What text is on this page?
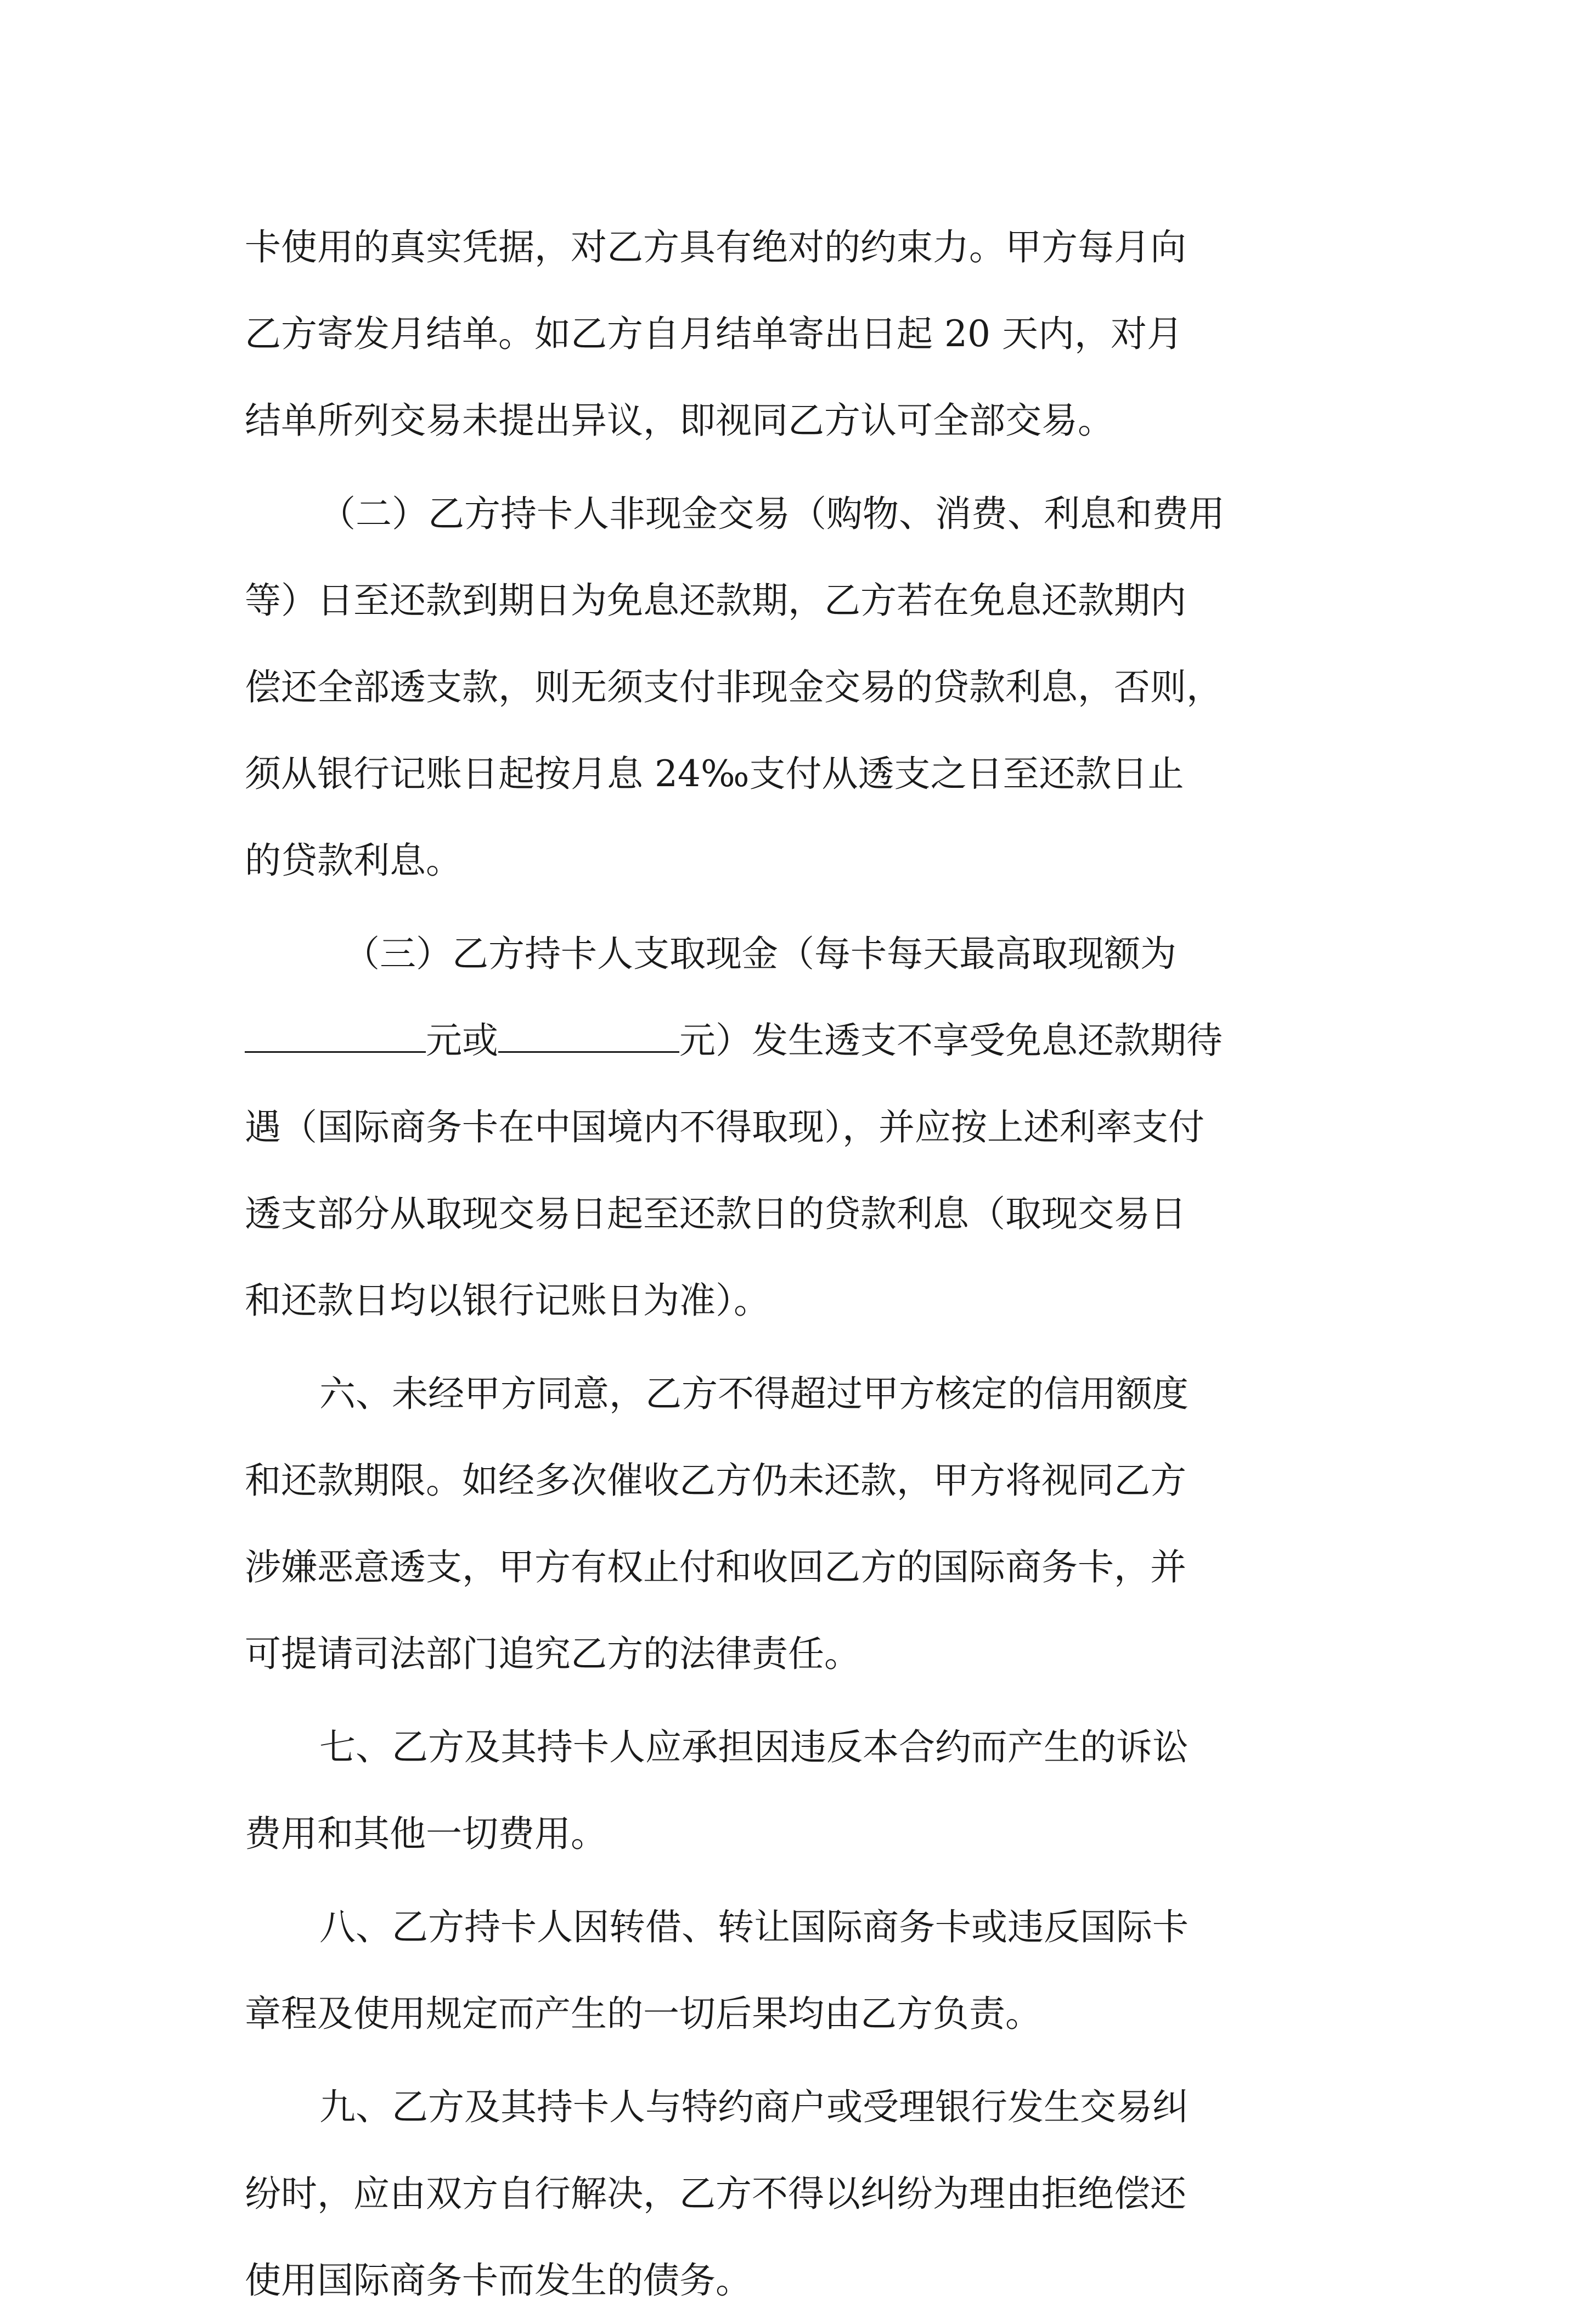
卡使用的真实凭据，对乙方具有绝对的约束力。甲方每月向
乙方寄发月结单。如乙方自月结单寄出日起 20 天内，对月
结单所列交易未提出异议，即视同乙方认可全部交易。
（二）乙方持卡人非现金交易（购物、消费、利息和费用
等）日至还款到期日为免息还款期，乙方若在免息还款期内
偿还全部透支款，则无须支付非现金交易的贷款利息，否则，
须从银行记账日起按月息 24‰支付从透支之日至还款日止
的贷款利息。
（三）乙方持卡人支取现金（每卡每天最高取现额为
元或	元）发生透支不享受免息还款期待
遇（国际商务卡在中国境内不得取现），并应按上述利率支付
透支部分从取现交易日起至还款日的贷款利息（取现交易日
和还款日均以银行记账日为准）。
六、未经甲方同意，乙方不得超过甲方核定的信用额度
和还款期限。如经多次催收乙方仍未还款，甲方将视同乙方
涉嫌恶意透支，甲方有权止付和收回乙方的国际商务卡，并
可提请司法部门追究乙方的法律责任。
七、乙方及其持卡人应承担因违反本合约而产生的诉讼
费用和其他一切费用。
八、乙方持卡人因转借、转让国际商务卡或违反国际卡
章程及使用规定而产生的一切后果均由乙方负责。
九、乙方及其持卡人与特约商户或受理银行发生交易纠
纷时，应由双方自行解决，乙方不得以纠纷为理由拒绝偿还
使用国际商务卡而发生的债务。
